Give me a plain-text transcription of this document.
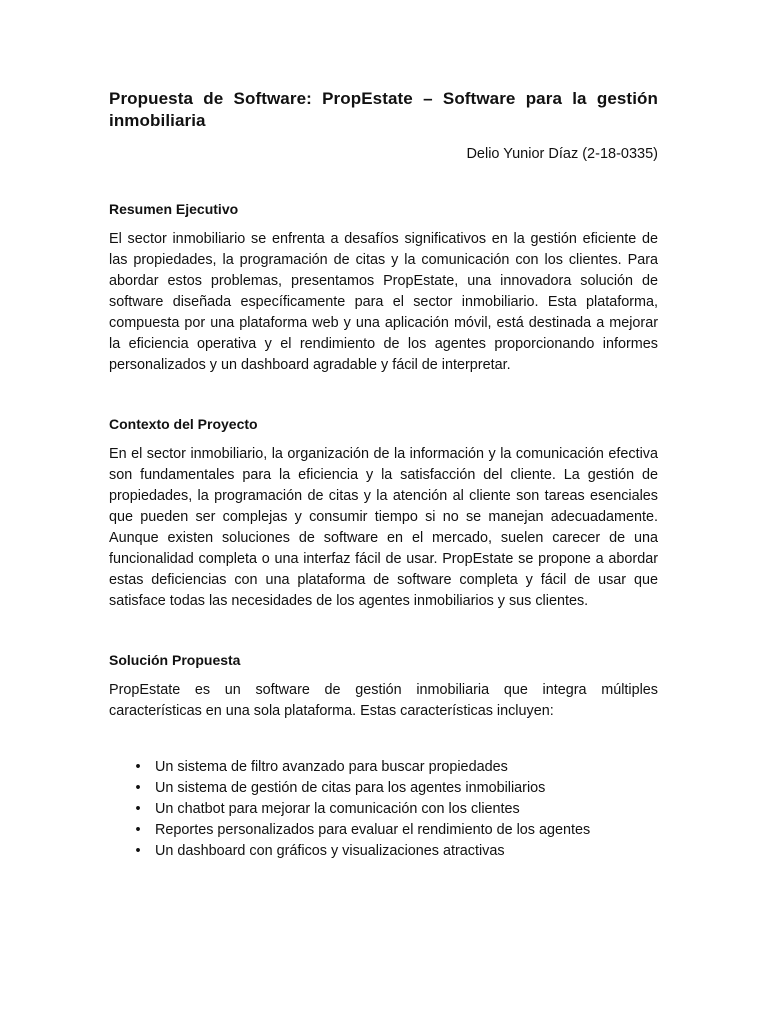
Propuesta de Software: PropEstate – Software para la gestión inmobiliaria

Delio Yunior Díaz (2-18-0335)

Resumen Ejecutivo

El sector inmobiliario se enfrenta a desafíos significativos en la gestión eficiente de las propiedades, la programación de citas y la comunicación con los clientes. Para abordar estos problemas, presentamos PropEstate, una innovadora solución de software diseñada específicamente para el sector inmobiliario. Esta plataforma, compuesta por una plataforma web y una aplicación móvil, está destinada a mejorar la eficiencia operativa y el rendimiento de los agentes proporcionando informes personalizados y un dashboard agradable y fácil de interpretar.

Contexto del Proyecto

En el sector inmobiliario, la organización de la información y la comunicación efectiva son fundamentales para la eficiencia y la satisfacción del cliente. La gestión de propiedades, la programación de citas y la atención al cliente son tareas esenciales que pueden ser complejas y consumir tiempo si no se manejan adecuadamente. Aunque existen soluciones de software en el mercado, suelen carecer de una funcionalidad completa o una interfaz fácil de usar. PropEstate se propone a abordar estas deficiencias con una plataforma de software completa y fácil de usar que satisface todas las necesidades de los agentes inmobiliarios y sus clientes.

Solución Propuesta

PropEstate es un software de gestión inmobiliaria que integra múltiples características en una sola plataforma. Estas características incluyen:

•	Un sistema de filtro avanzado para buscar propiedades
•	Un sistema de gestión de citas para los agentes inmobiliarios
•	Un chatbot para mejorar la comunicación con los clientes
•	Reportes personalizados para evaluar el rendimiento de los agentes
•	Un dashboard con gráficos y visualizaciones atractivas
